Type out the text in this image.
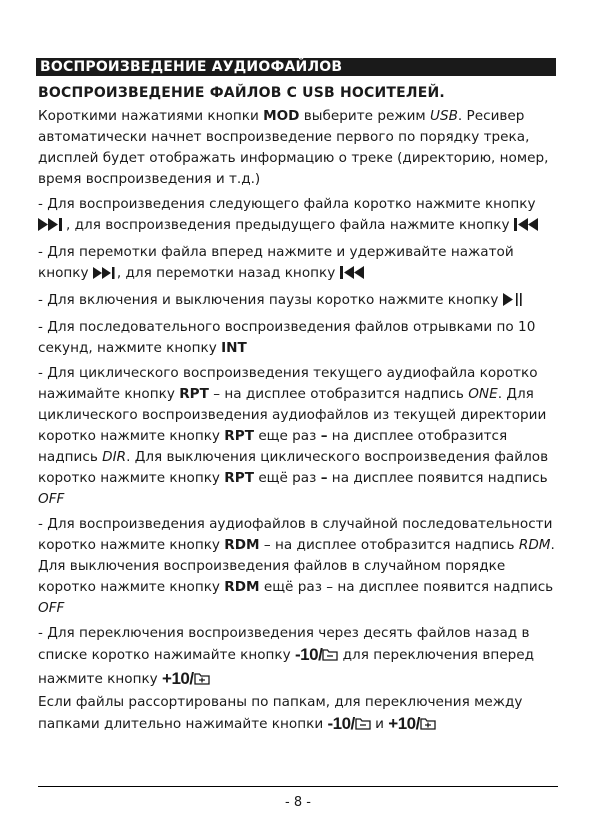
ВОСПРОИЗВЕДЕНИЕ АУДИОФАЙЛОВ
ВОСПРОИЗВЕДЕНИЕ ФАЙЛОВ С USB НОСИТЕЛЕЙ.

Короткими нажатиями кнопки MOD выберите режим USB. Ресивер автоматически начнет воспроизведение первого по порядку трека, дисплей будет отображать информацию о треке (директорию, номер, время воспроизведения и т.д.)

- Для воспроизведения следующего файла коротко нажмите кнопку , для воспроизведения предыдущего файла нажмите кнопку

- Для перемотки файла вперед нажмите и удерживайте нажатой кнопку , для перемотки назад кнопку

- Для включения и выключения паузы коротко нажмите кнопку

- Для последовательного воспроизведения файлов отрывками по 10 секунд, нажмите кнопку INT

- Для циклического воспроизведения текущего аудиофайла коротко нажимайте кнопку RPT – на дисплее отобразится надпись ONE. Для циклического воспроизведения аудиофайлов из текущей директории коротко нажмите кнопку RPT еще раз – на дисплее отобразится надпись DIR. Для выключения циклического воспроизведения файлов коротко нажмите кнопку RPT ещё раз – на дисплее появится надпись OFF

- Для воспроизведения аудиофайлов в случайной последовательности коротко нажмите кнопку RDM – на дисплее отобразится надпись RDM. Для выключения воспроизведения файлов в случайном порядке коротко нажмите кнопку RDM ещё раз – на дисплее появится надпись OFF

- Для переключения воспроизведения через десять файлов назад в списке коротко нажимайте кнопку -10/ для переключения вперед нажмите кнопку +10/
Если файлы рассортированы по папкам, для переключения между папками длительно нажимайте кнопки -10/ и +10/

- 8 -
